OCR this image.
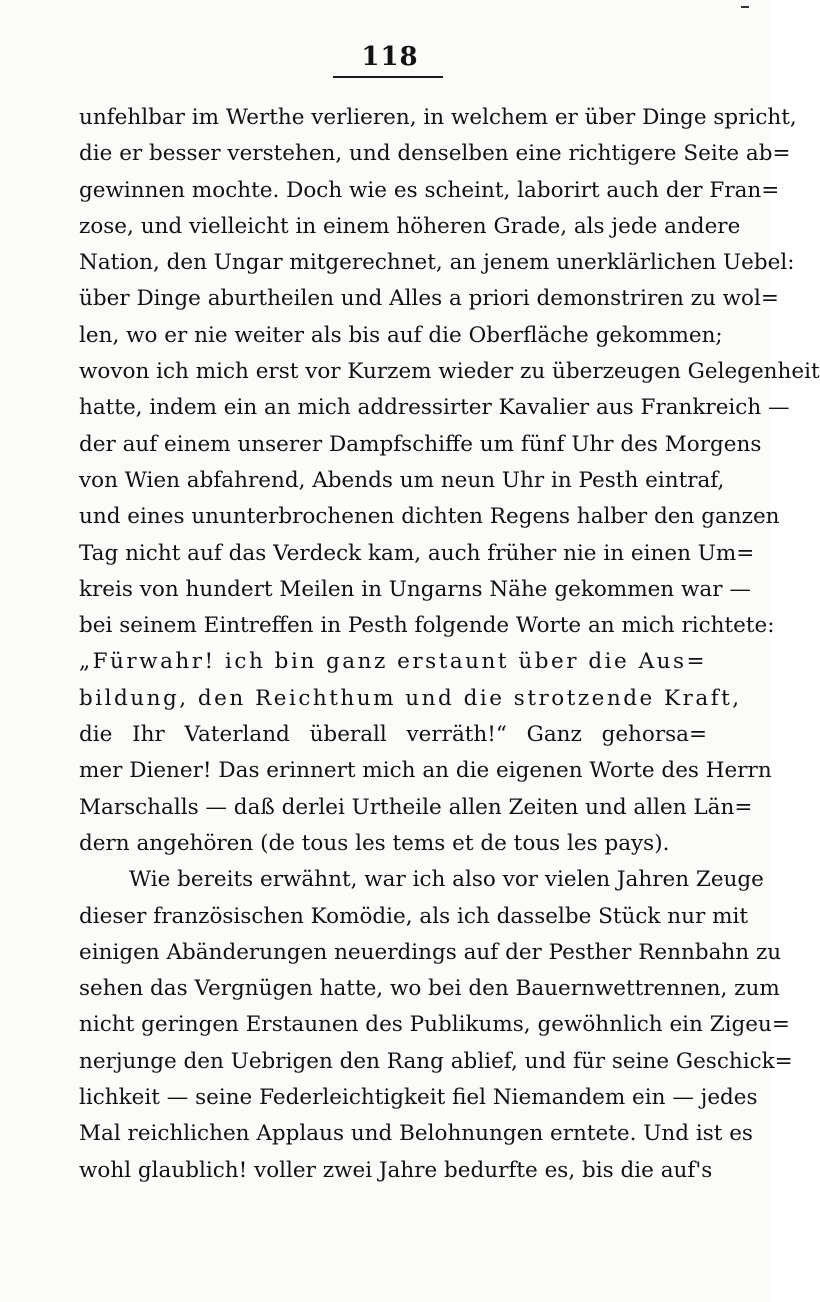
118
unfehlbar im Werthe verlieren, in welchem er über Dinge spricht,
die er besser verstehen, und denselben eine richtigere Seite ab=
gewinnen mochte. Doch wie es scheint, laborirt auch der Fran=
zose, und vielleicht in einem höheren Grade, als jede andere
Nation, den Ungar mitgerechnet, an jenem unerklärlichen Uebel:
über Dinge aburtheilen und Alles a priori demonstriren zu wol=
len, wo er nie weiter als bis auf die Oberfläche gekommen;
wovon ich mich erst vor Kurzem wieder zu überzeugen Gelegenheit
hatte, indem ein an mich addressirter Kavalier aus Frankreich —
der auf einem unserer Dampfschiffe um fünf Uhr des Morgens
von Wien abfahrend, Abends um neun Uhr in Pesth eintraf,
und eines ununterbrochenen dichten Regens halber den ganzen
Tag nicht auf das Verdeck kam, auch früher nie in einen Um=
kreis von hundert Meilen in Ungarns Nähe gekommen war —
bei seinem Eintreffen in Pesth folgende Worte an mich richtete:
„Fürwahr! ich bin ganz erstaunt über die Aus=
bildung, den Reichthum und die strotzende Kraft,
die Ihr Vaterland überall verräth!“ Ganz gehorsa=
mer Diener! Das erinnert mich an die eigenen Worte des Herrn
Marschalls — daß derlei Urtheile allen Zeiten und allen Län=
dern angehören (de tous les tems et de tous les pays).
Wie bereits erwähnt, war ich also vor vielen Jahren Zeuge
dieser französischen Komödie, als ich dasselbe Stück nur mit
einigen Abänderungen neuerdings auf der Pesther Rennbahn zu
sehen das Vergnügen hatte, wo bei den Bauernwettrennen, zum
nicht geringen Erstaunen des Publikums, gewöhnlich ein Zigeu=
nerjunge den Uebrigen den Rang ablief, und für seine Geschick=
lichkeit — seine Federleichtigkeit fiel Niemandem ein — jedes
Mal reichlichen Applaus und Belohnungen erntete. Und ist es
wohl glaublich! voller zwei Jahre bedurfte es, bis die auf's
